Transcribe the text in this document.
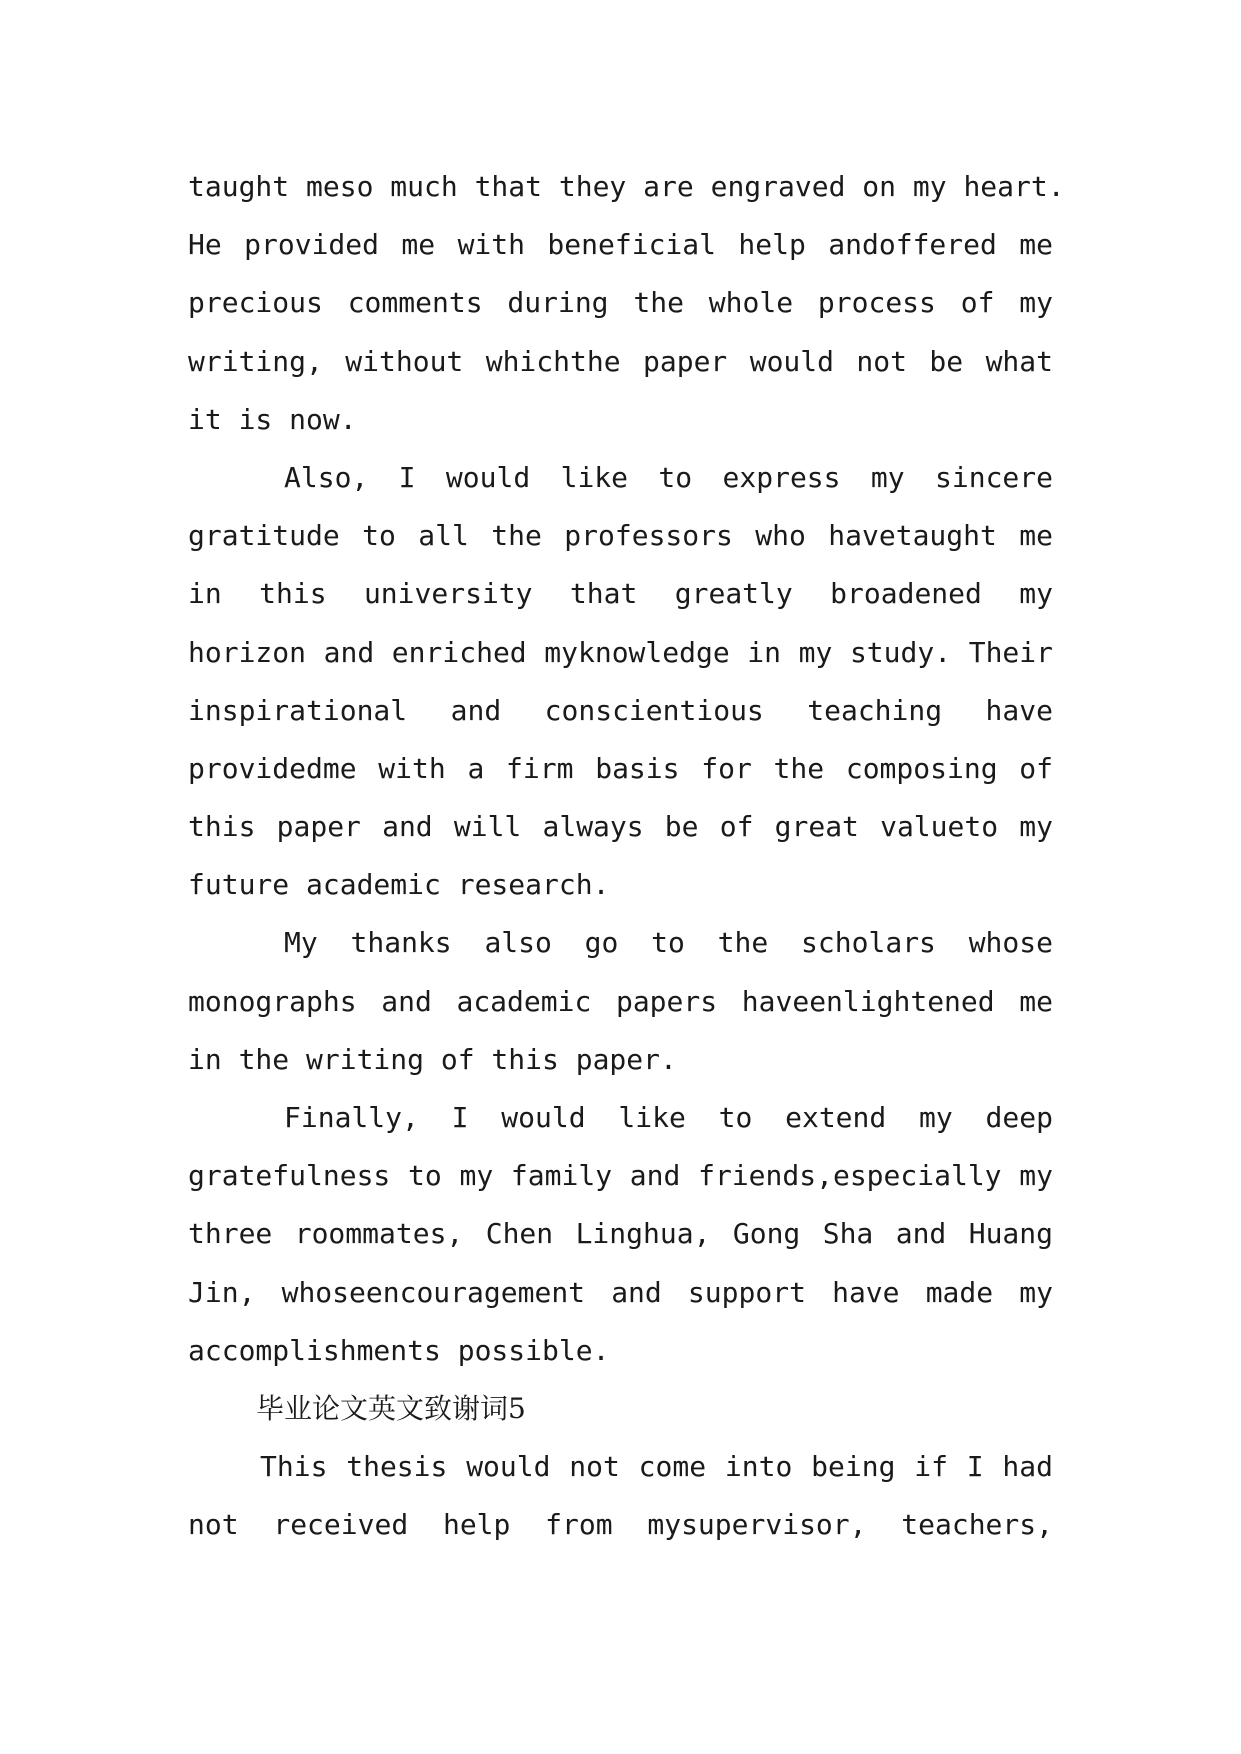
taught meso much that they are engraved on my heart.
He provided me with beneficial help andoffered me
precious comments during the whole process of my
writing, without whichthe paper would not be what
it is now.
Also, I would like to express my sincere
gratitude to all the professors who havetaught me
in this university that greatly broadened my
horizon and enriched myknowledge in my study. Their
inspirational and conscientious teaching have
providedme with a firm basis for the composing of
this paper and will always be of great valueto my
future academic research.
My thanks also go to the scholars whose
monographs and academic papers haveenlightened me
in the writing of this paper.
Finally, I would like to extend my deep
gratefulness to my family and friends,especially my
three roommates, Chen Linghua, Gong Sha and Huang
Jin, whoseencouragement and support have made my
accomplishments possible.
毕业论文英文致谢词5
This thesis would not come into being if I had
not received help from mysupervisor, teachers,
